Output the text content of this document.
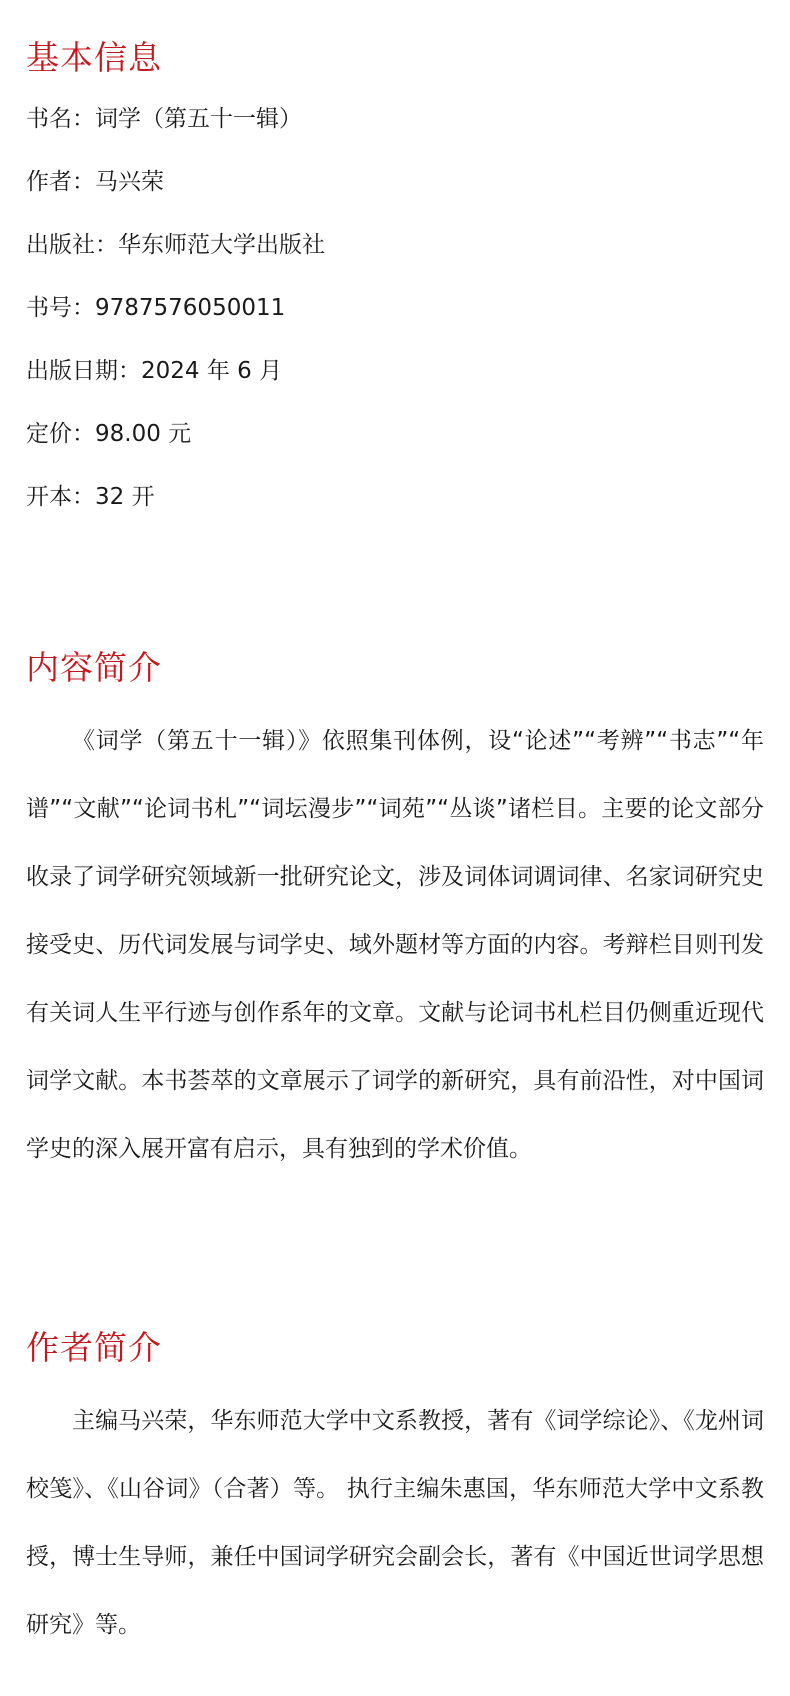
基本信息
书名：词学（第五十一辑）
作者：马兴荣
出版社：华东师范大学出版社
书号：9787576050011
出版日期：2024 年 6 月
定价：98.00 元
开本：32 开
内容简介

《词学（第五十一辑）》依照集刊体例，设“论述”“考辨”“书志”“年谱”“文献”“论词书札”“词坛漫步”“词苑”“丛谈”诸栏目。主要的论文部分收录了词学研究领域新一批研究论文，涉及词体词调词律、名家词研究史接受史、历代词发展与词学史、域外题材等方面的内容。考辩栏目则刊发有关词人生平行迹与创作系年的文章。文献与论词书札栏目仍侧重近现代词学文献。本书荟萃的文章展示了词学的新研究，具有前沿性，对中国词学史的深入展开富有启示，具有独到的学术价值。

作者简介

主编马兴荣，华东师范大学中文系教授，著有《词学综论》、《龙州词校笺》、《山谷词》（合著）等。 执行主编朱惠国，华东师范大学中文系教授，博士生导师，兼任中国词学研究会副会长，著有《中国近世词学思想研究》等。
